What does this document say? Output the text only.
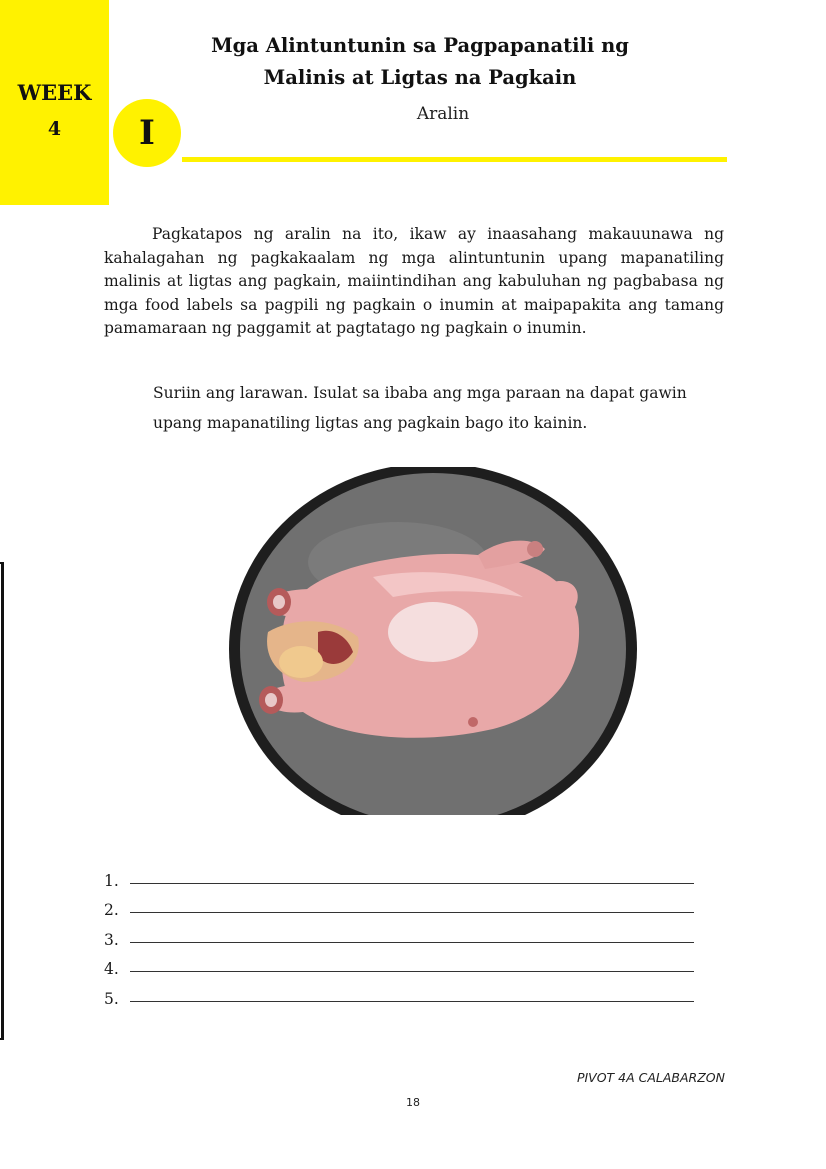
WEEK
4	I
Mga Alintuntunin sa Pagpapanatili ng
Malinis at Ligtas na Pagkain
Aralin

Pagkatapos ng aralin na ito, ikaw ay inaasahang makauunawa ng kahalagahan ng pagkakaalam ng mga alintuntunin upang mapanatiling malinis at ligtas ang pagkain, maiintindihan ang kabuluhan ng pagbabasa ng mga food labels sa pagpili ng pagkain o inumin at maipapakita ang tamang pamamaraan ng paggamit at pagtatago ng pagkain o inumin.

Suriin ang larawan. Isulat sa ibaba ang mga paraan na dapat gawin upang mapanatiling ligtas ang pagkain bago ito kainin.

1.
2.
3.
4.
5.
PIVOT 4A CALABARZON
18
